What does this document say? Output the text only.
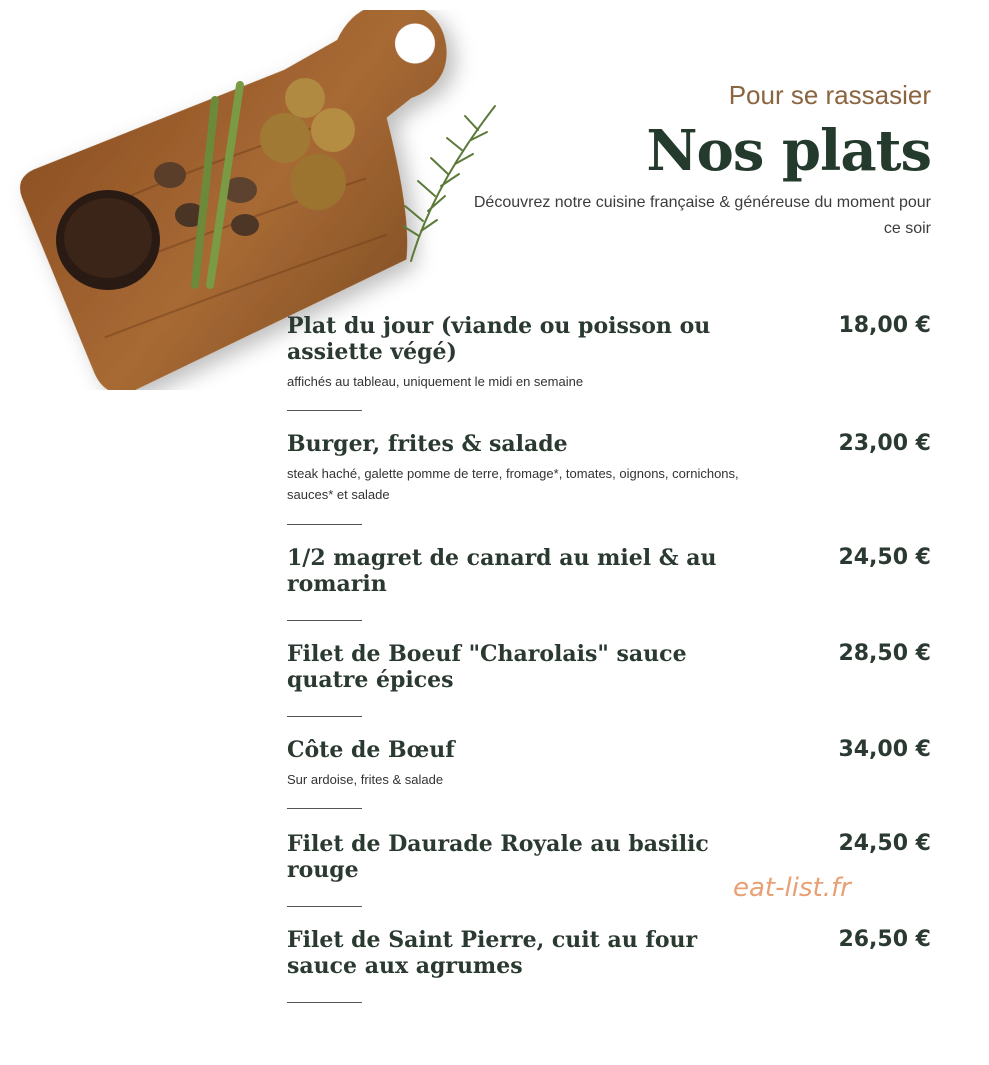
Pour se rassasier
Nos plats
Découvrez notre cuisine française & généreuse du moment pour ce soir
Plat du jour (viande ou poisson ou assiette végé)
18,00 €
affichés au tableau, uniquement le midi en semaine
Burger, frites & salade	23,00 €
steak haché, galette pomme de terre, fromage*, tomates, oignons, cornichons, sauces* et salade
1/2 magret de canard au miel & au romarin
24,50 €
Filet de Boeuf "Charolais" sauce quatre épices
28,50 €
Côte de Bœuf	34,00 €
Sur ardoise, frites & salade
Filet de Daurade Royale au basilic rouge
24,50 €
Filet de Saint Pierre, cuit au four sauce aux agrumes
26,50 €
eat-list.fr
